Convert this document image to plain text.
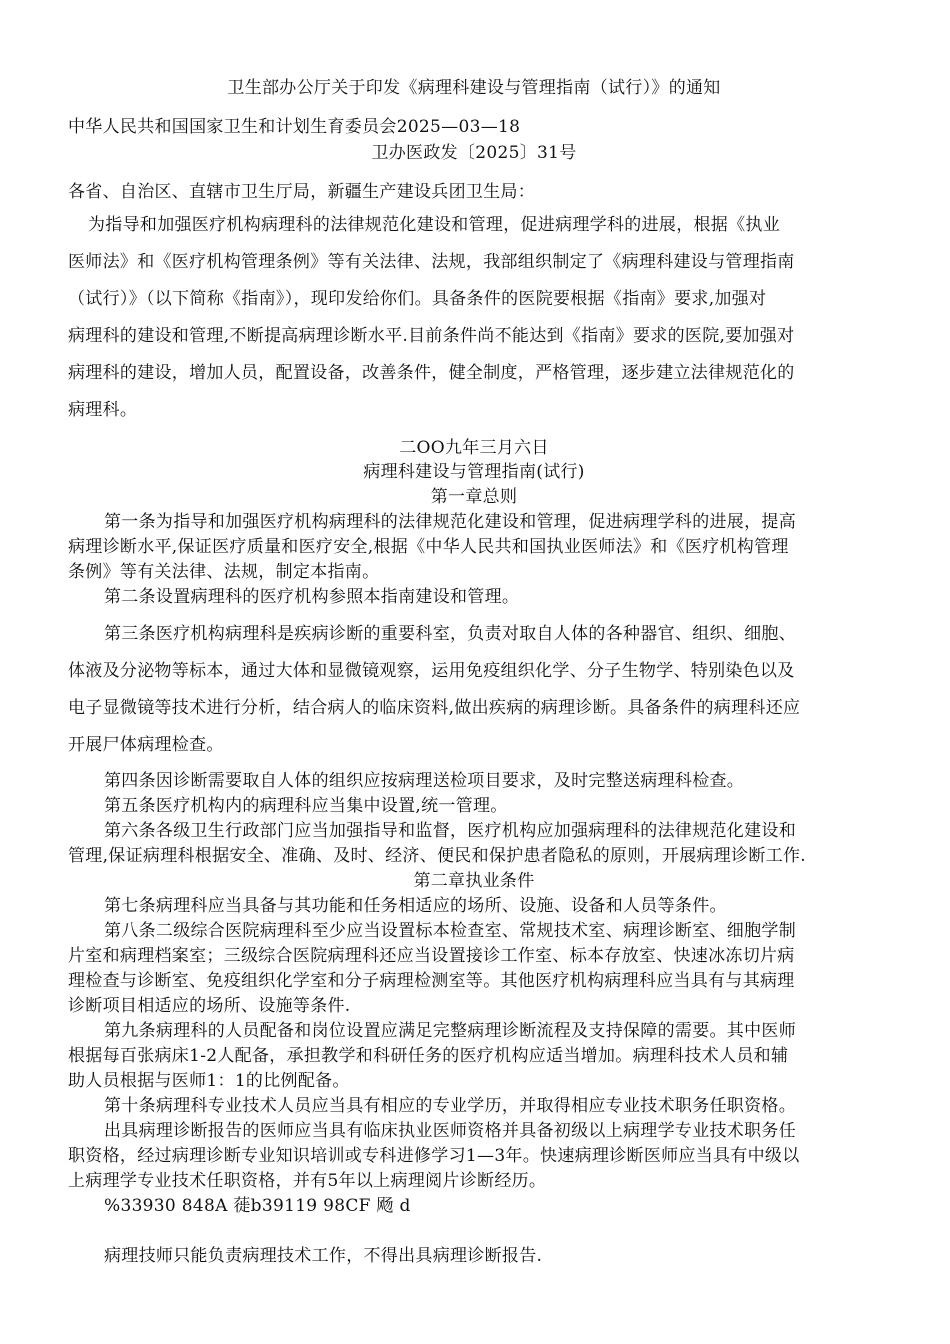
卫生部办公厅关于印发《病理科建设与管理指南（试行）》的通知
中华人民共和国国家卫生和计划生育委员会2025—03—18
卫办医政发〔2025〕31号
各省、自治区、直辖市卫生厅局，新疆生产建设兵团卫生局：
为指导和加强医疗机构病理科的法律规范化建设和管理，促进病理学科的进展，根据《执业
医师法》和《医疗机构管理条例》等有关法律、法规，我部组织制定了《病理科建设与管理指南
（试行）》（以下简称《指南》），现印发给你们。具备条件的医院要根据《指南》要求,加强对
病理科的建设和管理,不断提高病理诊断水平.目前条件尚不能达到《指南》要求的医院,要加强对
病理科的建设，增加人员，配置设备，改善条件，健全制度，严格管理，逐步建立法律规范化的
病理科。
二OO九年三月六日
病理科建设与管理指南(试行)
第一章总则
第一条为指导和加强医疗机构病理科的法律规范化建设和管理，促进病理学科的进展，提高
病理诊断水平,保证医疗质量和医疗安全,根据《中华人民共和国执业医师法》和《医疗机构管理
条例》等有关法律、法规，制定本指南。
第二条设置病理科的医疗机构参照本指南建设和管理。
第三条医疗机构病理科是疾病诊断的重要科室，负责对取自人体的各种器官、组织、细胞、
体液及分泌物等标本，通过大体和显微镜观察，运用免疫组织化学、分子生物学、特别染色以及
电子显微镜等技术进行分析，结合病人的临床资料,做出疾病的病理诊断。具备条件的病理科还应
开展尸体病理检查。
第四条因诊断需要取自人体的组织应按病理送检项目要求，及时完整送病理科检查。
第五条医疗机构内的病理科应当集中设置,统一管理。
第六条各级卫生行政部门应当加强指导和监督，医疗机构应加强病理科的法律规范化建设和
管理,保证病理科根据安全、准确、及时、经济、便民和保护患者隐私的原则，开展病理诊断工作.
第二章执业条件
第七条病理科应当具备与其功能和任务相适应的场所、设施、设备和人员等条件。
第八条二级综合医院病理科至少应当设置标本检查室、常规技术室、病理诊断室、细胞学制
片室和病理档案室；三级综合医院病理科还应当设置接诊工作室、标本存放室、快速冰冻切片病
理检查与诊断室、免疫组织化学室和分子病理检测室等。其他医疗机构病理科应当具有与其病理
诊断项目相适应的场所、设施等条件.
第九条病理科的人员配备和岗位设置应满足完整病理诊断流程及支持保障的需要。其中医师
根据每百张病床1-2人配备，承担教学和科研任务的医疗机构应适当增加。病理科技术人员和辅
助人员根据与医师1：1的比例配备。
第十条病理科专业技术人员应当具有相应的专业学历，并取得相应专业技术职务任职资格。
出具病理诊断报告的医师应当具有临床执业医师资格并具备初级以上病理学专业技术职务任
职资格，经过病理诊断专业知识培训或专科进修学习1—3年。快速病理诊断医师应当具有中级以
上病理学专业技术任职资格，并有5年以上病理阅片诊断经历。
%33930 848A 蓰b39119 98CF 飏 d
病理技师只能负责病理技术工作，不得出具病理诊断报告.
